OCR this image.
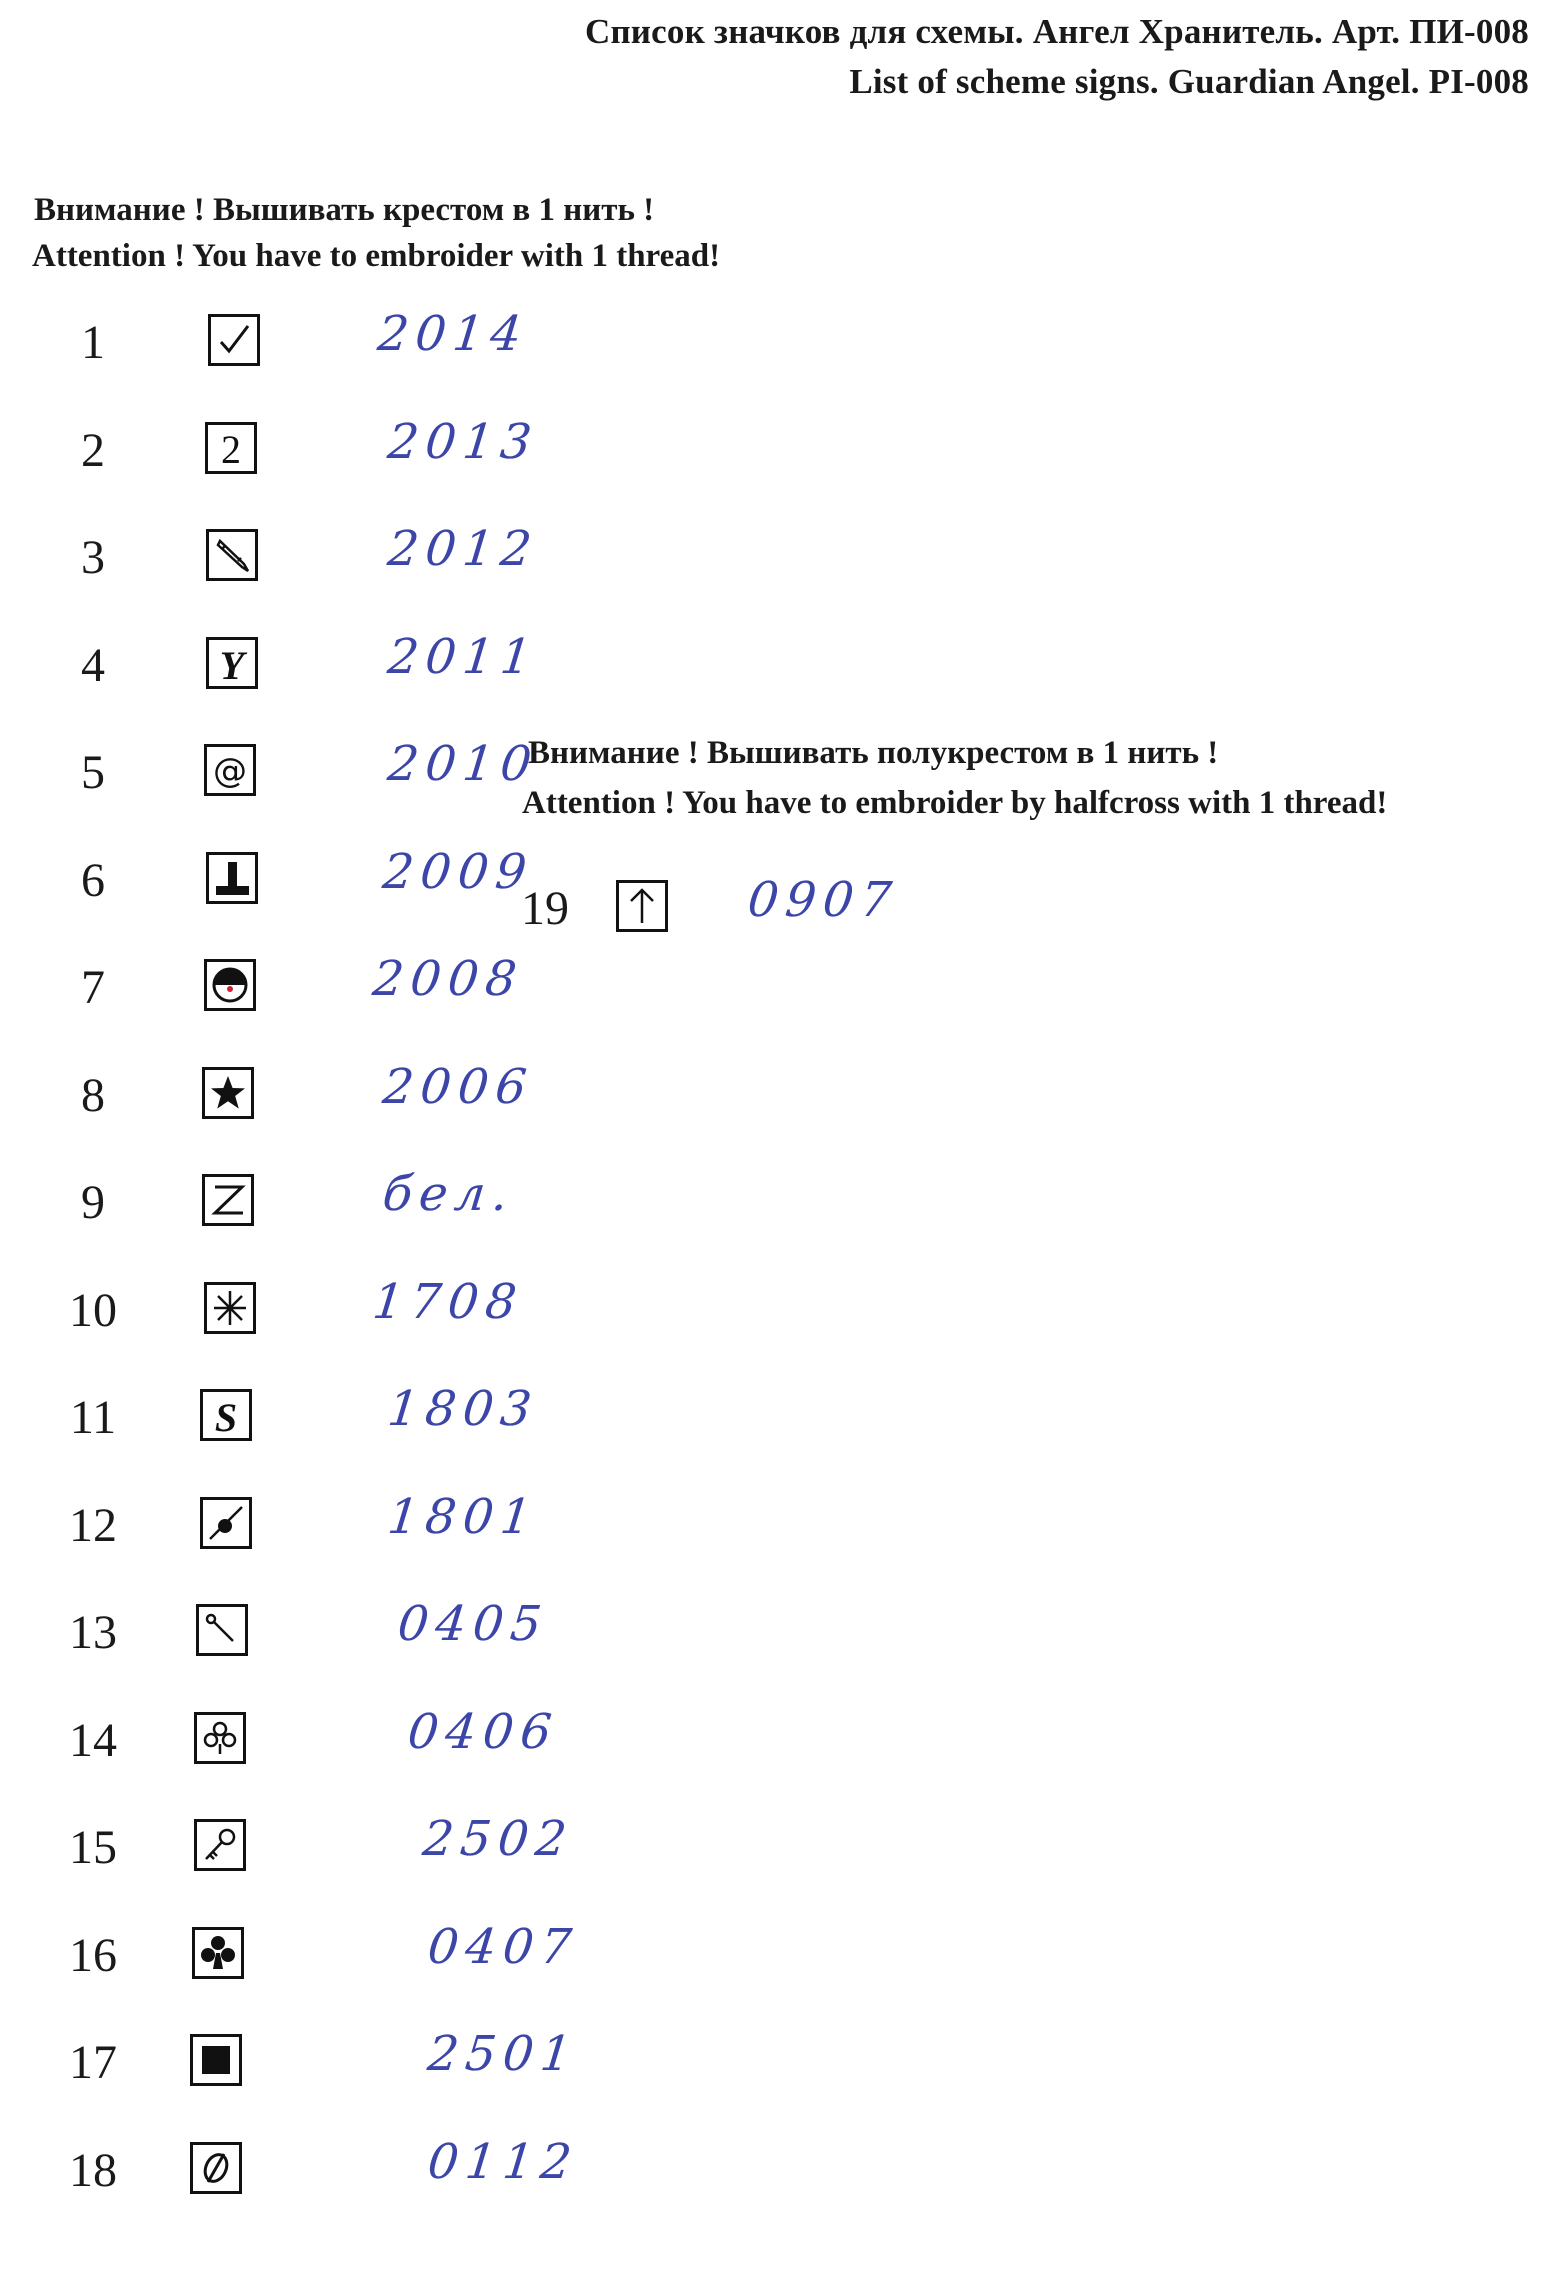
Список значков для схемы. Ангел Хранитель. Арт. ПИ-008
List of scheme signs. Guardian Angel. PI-008
Внимание ! Вышивать крестом в 1 нить !
Attention ! You have to embroider with 1 thread!
Внимание ! Вышивать полукрестом в 1 нить !
Attention ! You have to embroider by halfcross with 1 thread!
1	2014
2	2	2013
3	2012
4	Y	2011
5	@	2010
6	2009
7	2008
8	2006
9	бел.
10	1708
11	S	1803
12	1801
13	0405
14	0406
15	2502
16	0407
17	2501
18	0112
19	0907
